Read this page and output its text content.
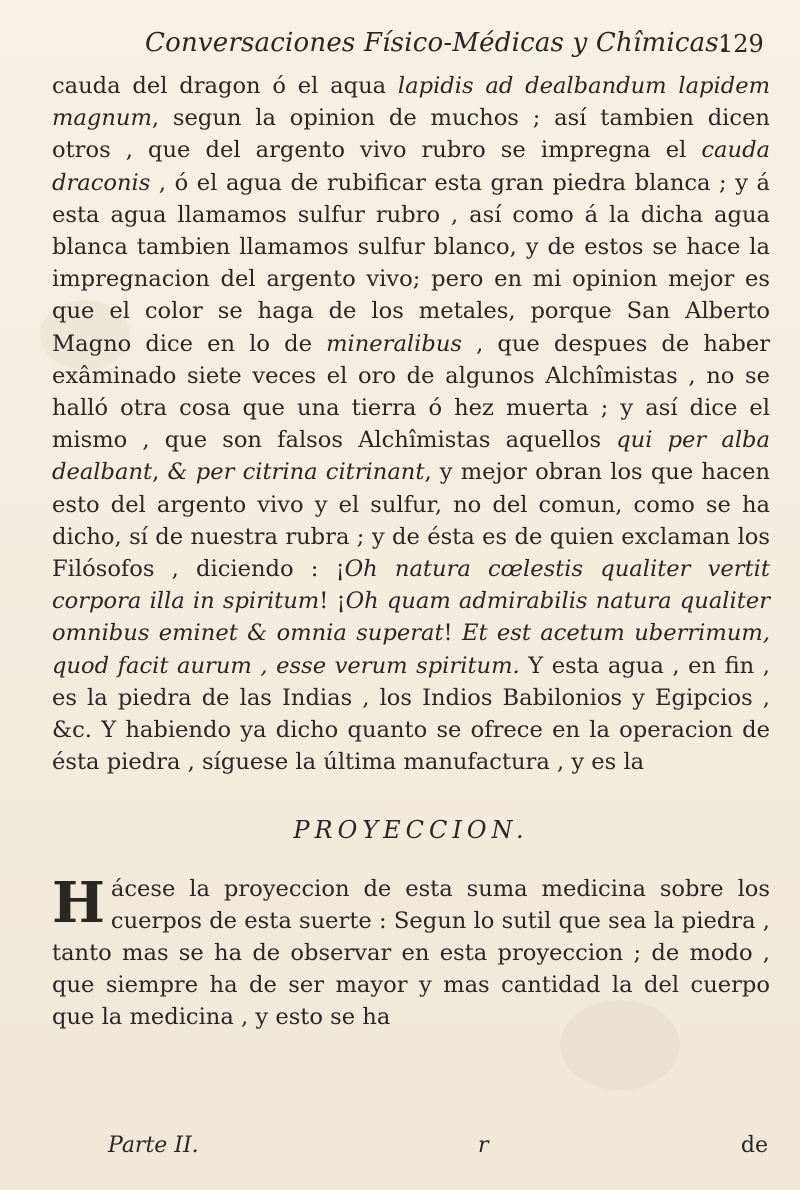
Conversaciones Físico-Médicas y Chîmicas.
129

cauda del dragon ó el aqua lapidis ad dealbandum lapidem magnum, segun la opinion de muchos ; así tambien dicen otros , que del argento vivo rubro se impregna el cauda draconis , ó el agua de rubificar esta gran piedra blanca ; y á esta agua llamamos sulfur rubro , así como á la dicha agua blanca tambien llamamos sulfur blanco, y de estos se hace la impregnacion del argento vivo; pero en mi opinion mejor es que el color se haga de los metales, porque San Alberto Magno dice en lo de mineralibus , que despues de haber exâminado siete veces el oro de algunos Alchîmistas , no se halló otra cosa que una tierra ó hez muerta ; y así dice el mismo , que son falsos Alchîmistas aquellos qui per alba dealbant, & per citrina citrinant, y mejor obran los que hacen esto del argento vivo y el sulfur, no del comun, como se ha dicho, sí de nuestra rubra ; y de ésta es de quien exclaman los Filósofos , diciendo : ¡Oh natura cœlestis qualiter vertit corpora illa in spiritum! ¡Oh quam admirabilis natura qualiter omnibus eminet & omnia superat! Et est acetum uberrimum, quod facit aurum , esse verum spiritum. Y esta agua , en fin , es la piedra de las Indias , los Indios Babilonios y Egipcios , &c. Y habiendo ya dicho quanto se ofrece en la operacion de ésta piedra , síguese la última manufactura , y es la

PROYECCION.

Hácese la proyeccion de esta suma medicina sobre los cuerpos de esta suerte : Segun lo sutil que sea la piedra , tanto mas se ha de observar en esta proyeccion ; de modo , que siempre ha de ser mayor y mas cantidad la del cuerpo que la medicina , y esto se ha

Parte II.	r	de
